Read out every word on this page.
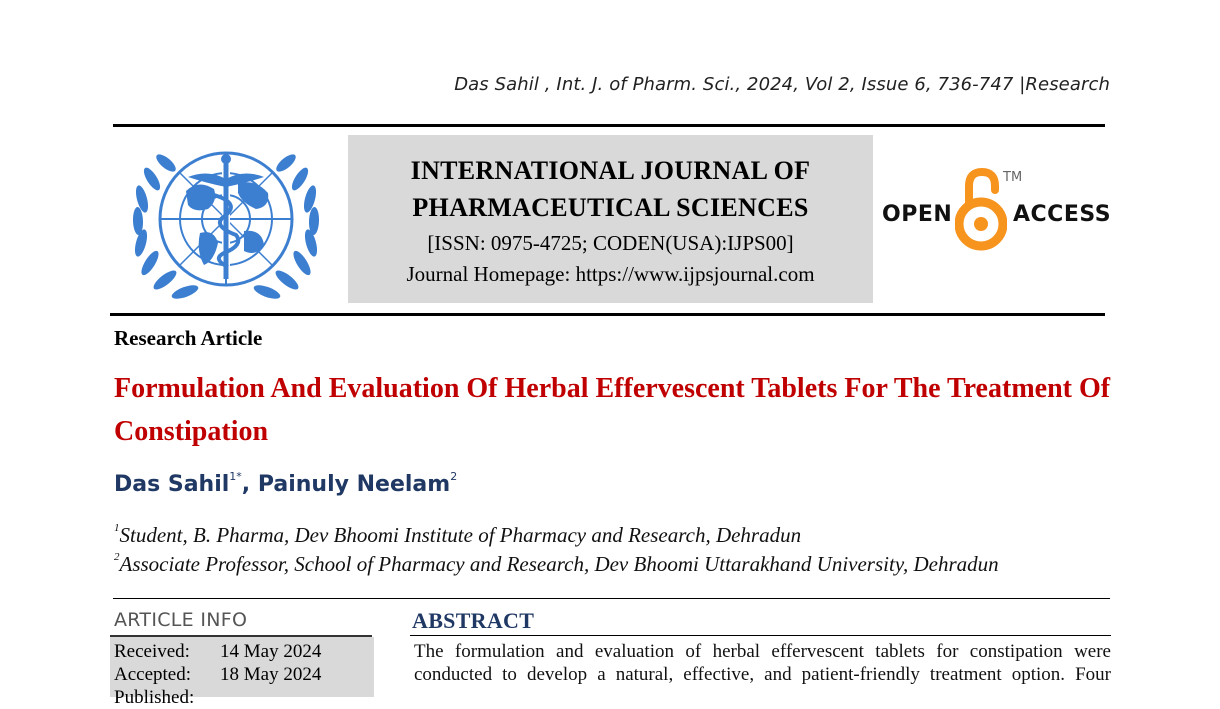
Das Sahil , Int. J. of Pharm. Sci., 2024, Vol 2, Issue 6, 736-747 |Research
INTERNATIONAL JOURNAL OF
PHARMACEUTICAL SCIENCES
[ISSN: 0975-4725; CODEN(USA):IJPS00]
Journal Homepage: https://www.ijpsjournal.com
OPEN
TM
ACCESS
Research Article
Formulation And Evaluation Of Herbal Effervescent Tablets For The Treatment Of Constipation
Das Sahil$^{1*}$, Painuly Neelam$^2$
$^1$Student, B. Pharma, Dev Bhoomi Institute of Pharmacy and Research, Dehradun
$^2$Associate Professor, School of Pharmacy and Research, Dev Bhoomi Uttarakhand University, Dehradun
ARTICLE INFO
Received: 14 May 2024
Accepted: 18 May 2024
Published:
ABSTRACT
The formulation and evaluation of herbal effervescent tablets for constipation were
conducted to develop a natural, effective, and patient-friendly treatment option. Four
